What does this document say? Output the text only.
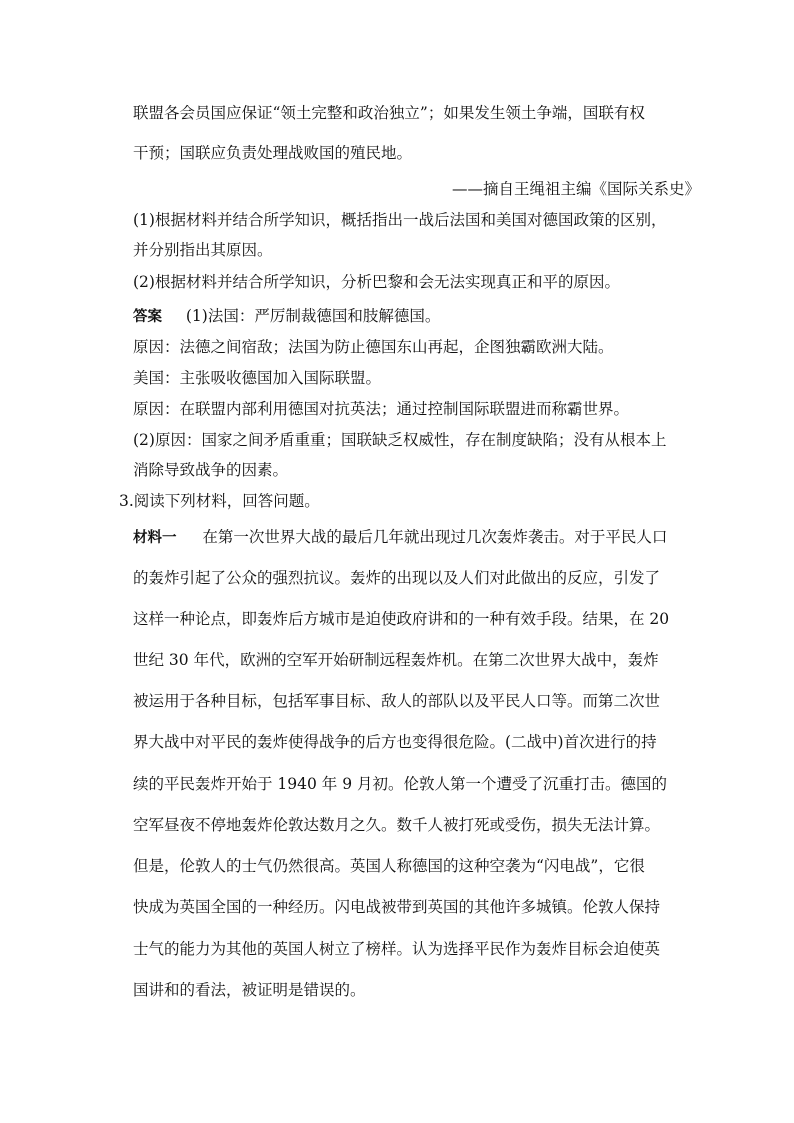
联盟各会员国应保证“领土完整和政治独立”；如果发生领土争端，国联有权
干预；国联应负责处理战败国的殖民地。
——摘自王绳祖主编《国际关系史》
(1)根据材料并结合所学知识，概括指出一战后法国和美国对德国政策的区别，
并分别指出其原因。
(2)根据材料并结合所学知识，分析巴黎和会无法实现真正和平的原因。
答案 (1)法国：严厉制裁德国和肢解德国。
原因：法德之间宿敌；法国为防止德国东山再起，企图独霸欧洲大陆。
美国：主张吸收德国加入国际联盟。
原因：在联盟内部利用德国对抗英法；通过控制国际联盟进而称霸世界。
(2)原因：国家之间矛盾重重；国联缺乏权威性，存在制度缺陷；没有从根本上
消除导致战争的因素。
3.阅读下列材料，回答问题。
材料一 在第一次世界大战的最后几年就出现过几次轰炸袭击。对于平民人口
的轰炸引起了公众的强烈抗议。轰炸的出现以及人们对此做出的反应，引发了
这样一种论点，即轰炸后方城市是迫使政府讲和的一种有效手段。结果，在 20
世纪 30 年代，欧洲的空军开始研制远程轰炸机。在第二次世界大战中，轰炸
被运用于各种目标，包括军事目标、敌人的部队以及平民人口等。而第二次世
界大战中对平民的轰炸使得战争的后方也变得很危险。(二战中)首次进行的持
续的平民轰炸开始于 1940 年 9 月初。伦敦人第一个遭受了沉重打击。德国的
空军昼夜不停地轰炸伦敦达数月之久。数千人被打死或受伤，损失无法计算。
但是，伦敦人的士气仍然很高。英国人称德国的这种空袭为“闪电战”，它很
快成为英国全国的一种经历。闪电战被带到英国的其他许多城镇。伦敦人保持
士气的能力为其他的英国人树立了榜样。认为选择平民作为轰炸目标会迫使英
国讲和的看法，被证明是错误的。
